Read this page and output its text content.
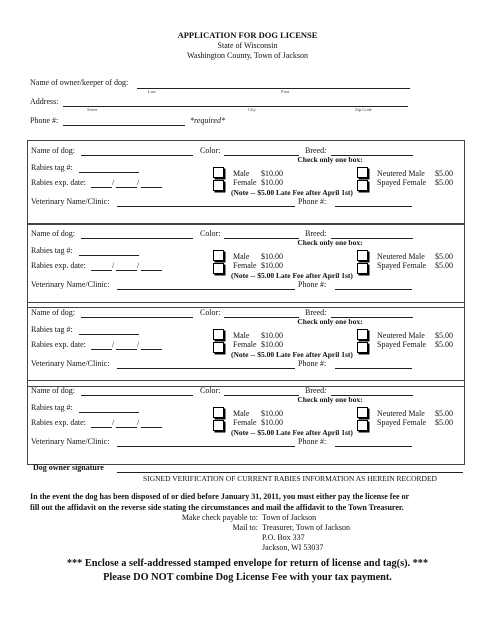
APPLICATION FOR DOG LICENSE
State of Wisconsin
Washington County, Town of Jackson
Name of owner/keeper of dog:
Last	First
Address:
Street	City	Zip Code
Phone #:	*required*
Name of dog:	Color:	Breed:
Check only one box:
Rabies tag #:
Male $10.00	Neutered Male $5.00
Rabies exp. date:	/	/	Female $10.00	Spayed Female $5.00
(Note -- $5.00 Late Fee after April 1st)
Veterinary Name/Clinic:	Phone #:
Name of dog:	Color:	Breed:
Check only one box:
Rabies tag #:
Male $10.00	Neutered Male $5.00
Rabies exp. date:	/	/	Female $10.00	Spayed Female $5.00
(Note -- $5.00 Late Fee after April 1st)
Veterinary Name/Clinic:	Phone #:
Name of dog:	Color:	Breed:
Check only one box:
Rabies tag #:
Male $10.00	Neutered Male $5.00
Rabies exp. date:	/	/	Female $10.00	Spayed Female $5.00
(Note -- $5.00 Late Fee after April 1st)
Veterinary Name/Clinic:	Phone #:
Name of dog:	Color:	Breed:
Check only one box:
Rabies tag #:
Male $10.00	Neutered Male $5.00
Rabies exp. date:	/	/	Female $10.00	Spayed Female $5.00
(Note -- $5.00 Late Fee after April 1st)
Veterinary Name/Clinic:	Phone #:
Dog owner signature
SIGNED VERIFICATION OF CURRENT RABIES INFORMATION AS HEREIN RECORDED
In the event the dog has been disposed of or died before January 31, 2011, you must either pay the license fee or
fill out the affidavit on the reverse side stating the circumstances and mail the affidavit to the Town Treasurer.
Make check payable to: Town of Jackson
Mail to: Treasurer, Town of Jackson
P.O. Box 337
Jackson, WI 53037
*** Enclose a self-addressed stamped envelope for return of license and tag(s). ***
Please DO NOT combine Dog License Fee with your tax payment.
